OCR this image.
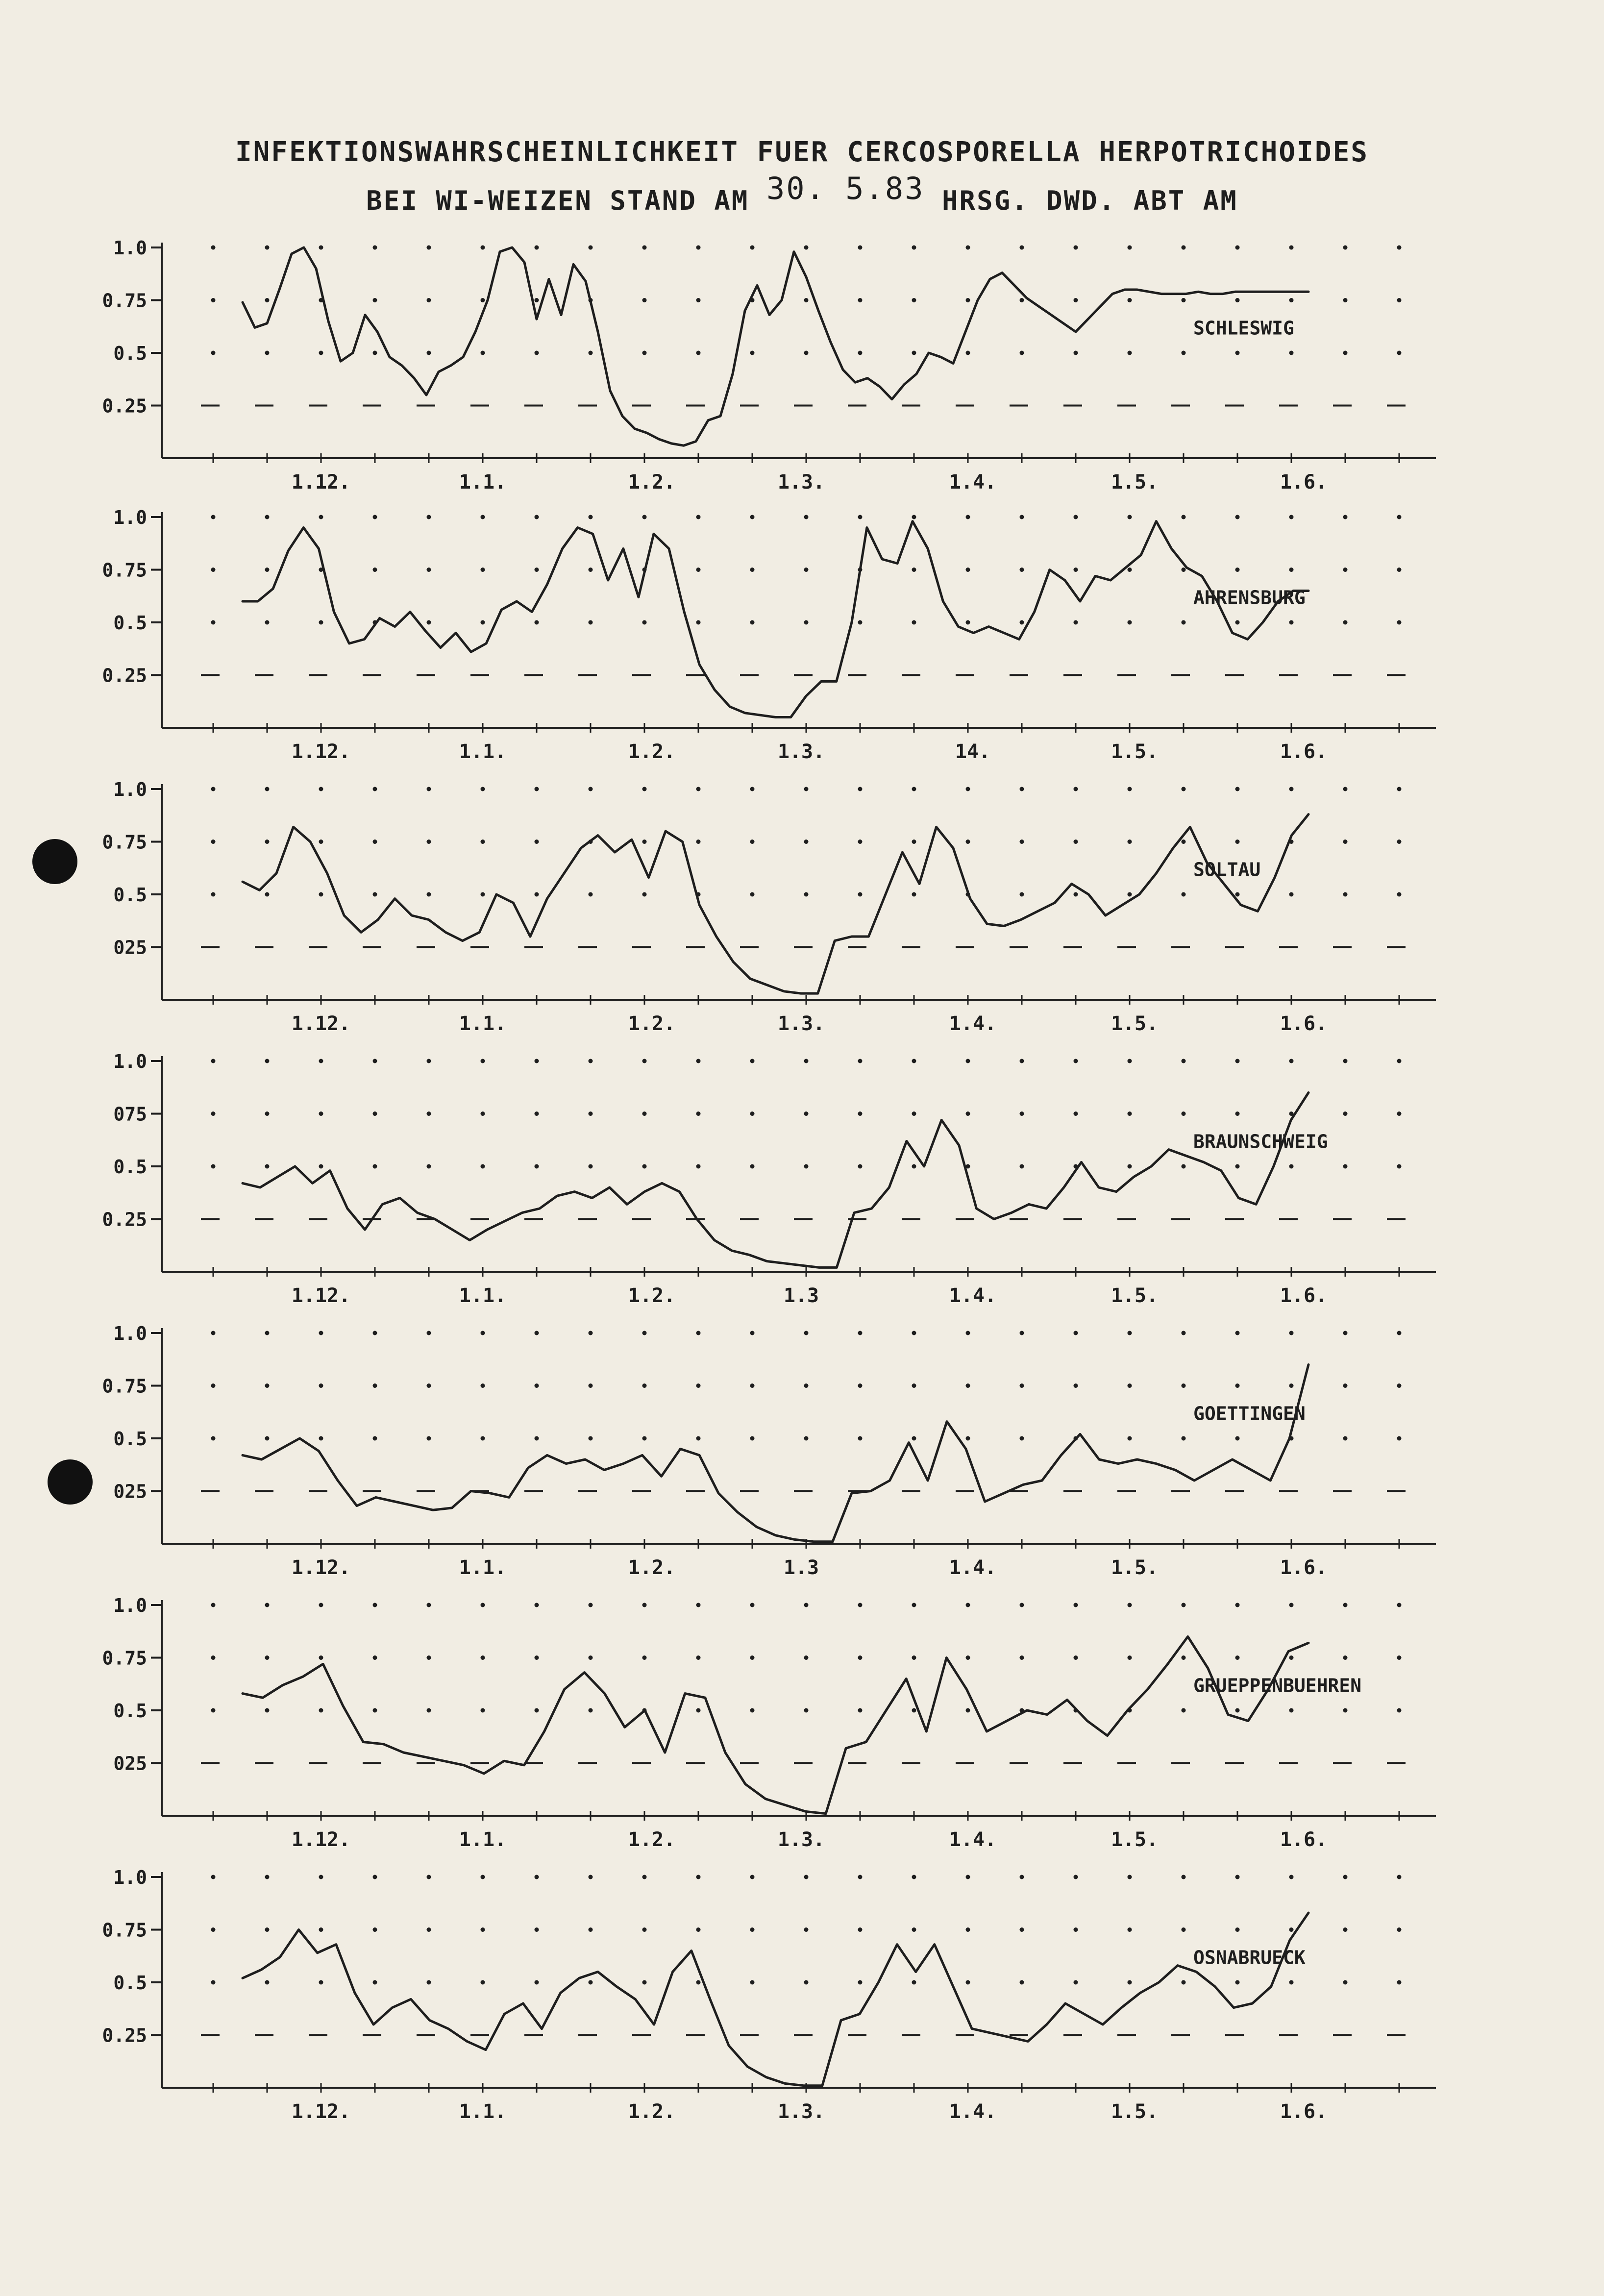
INFEKTIONSWAHRSCHEINLICHKEIT FUER CERCOSPORELLA HERPOTRICHOIDES
BEI WI-WEIZEN STAND AM 30. 5.83 HRSG. DWD. ABT AM
1.0
0.75
0.5
0.25
1.12.	1.1.	1.2.	1.3.	1.4.	1.5.	1.6.
SCHLESWIG
1.0
0.75
0.5
0.25
1.12.	1.1.	1.2.	1.3.	14.	1.5.	1.6.
AHRENSBURG
1.0
0.75
0.5
025
1.12.	1.1.	1.2.	1.3.	1.4.	1.5.	1.6.
SOLTAU
1.0
075
0.5
0.25
1.12.	1.1.	1.2.	1.3	1.4.	1.5.	1.6.
BRAUNSCHWEIG
1.0
0.75
0.5
025
1.12.	1.1.	1.2.	1.3	1.4.	1.5.	1.6.
GOETTINGEN
1.0
0.75
0.5
025
1.12.	1.1.	1.2.	1.3.	1.4.	1.5.	1.6.
GRUEPPENBUEHREN
1.0
0.75
0.5
0.25
1.12.	1.1.	1.2.	1.3.	1.4.	1.5.	1.6.
OSNABRUECK
